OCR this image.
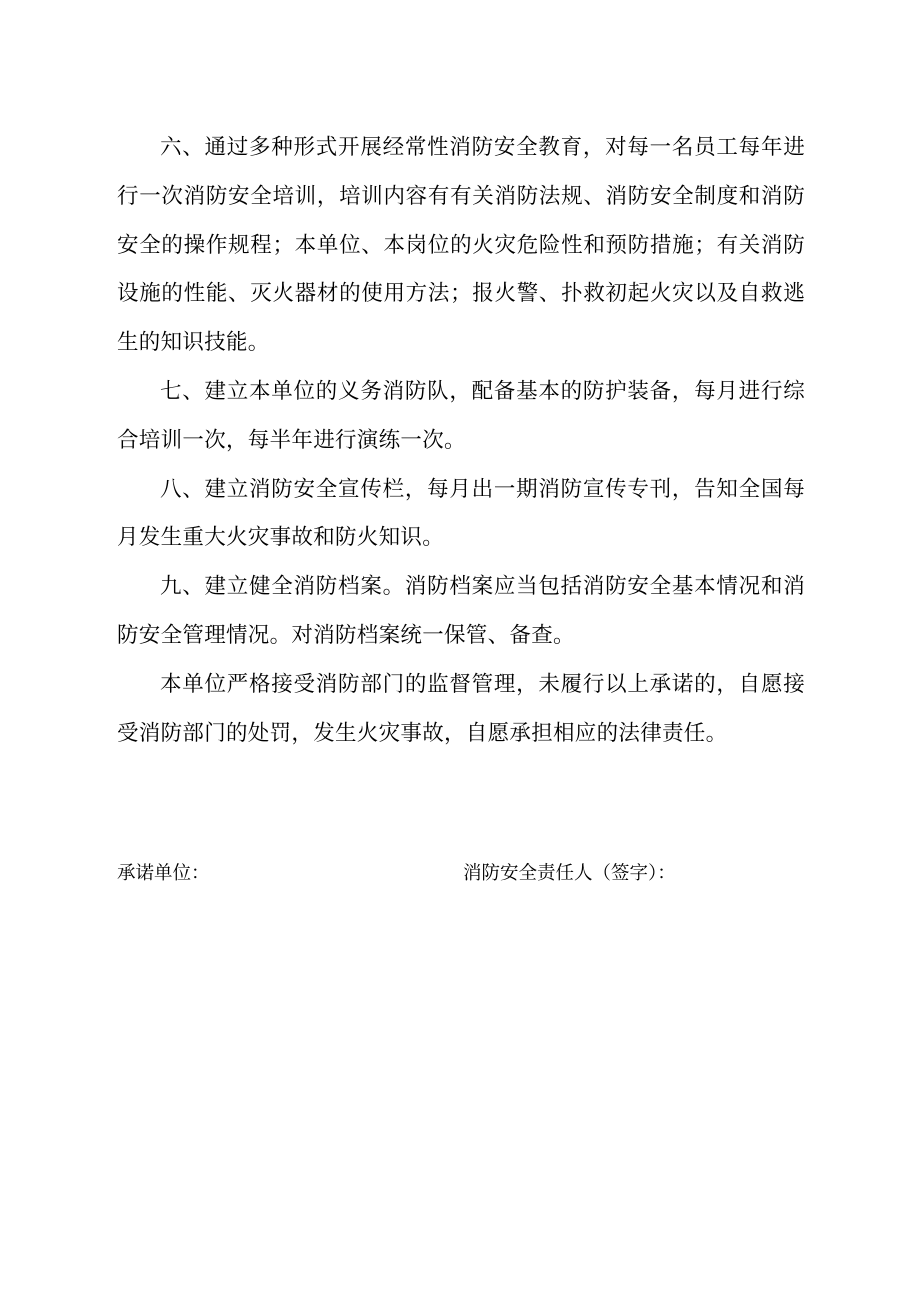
六、通过多种形式开展经常性消防安全教育，对每一名员工每年进行一次消防安全培训，培训内容有有关消防法规、消防安全制度和消防安全的操作规程；本单位、本岗位的火灾危险性和预防措施；有关消防设施的性能、灭火器材的使用方法；报火警、扑救初起火灾以及自救逃生的知识技能。

七、建立本单位的义务消防队，配备基本的防护装备，每月进行综合培训一次，每半年进行演练一次。

八、建立消防安全宣传栏，每月出一期消防宣传专刊，告知全国每月发生重大火灾事故和防火知识。

九、建立健全消防档案。消防档案应当包括消防安全基本情况和消防安全管理情况。对消防档案统一保管、备查。

本单位严格接受消防部门的监督管理，未履行以上承诺的，自愿接受消防部门的处罚，发生火灾事故，自愿承担相应的法律责任。

承诺单位：	消防安全责任人（签字）：
